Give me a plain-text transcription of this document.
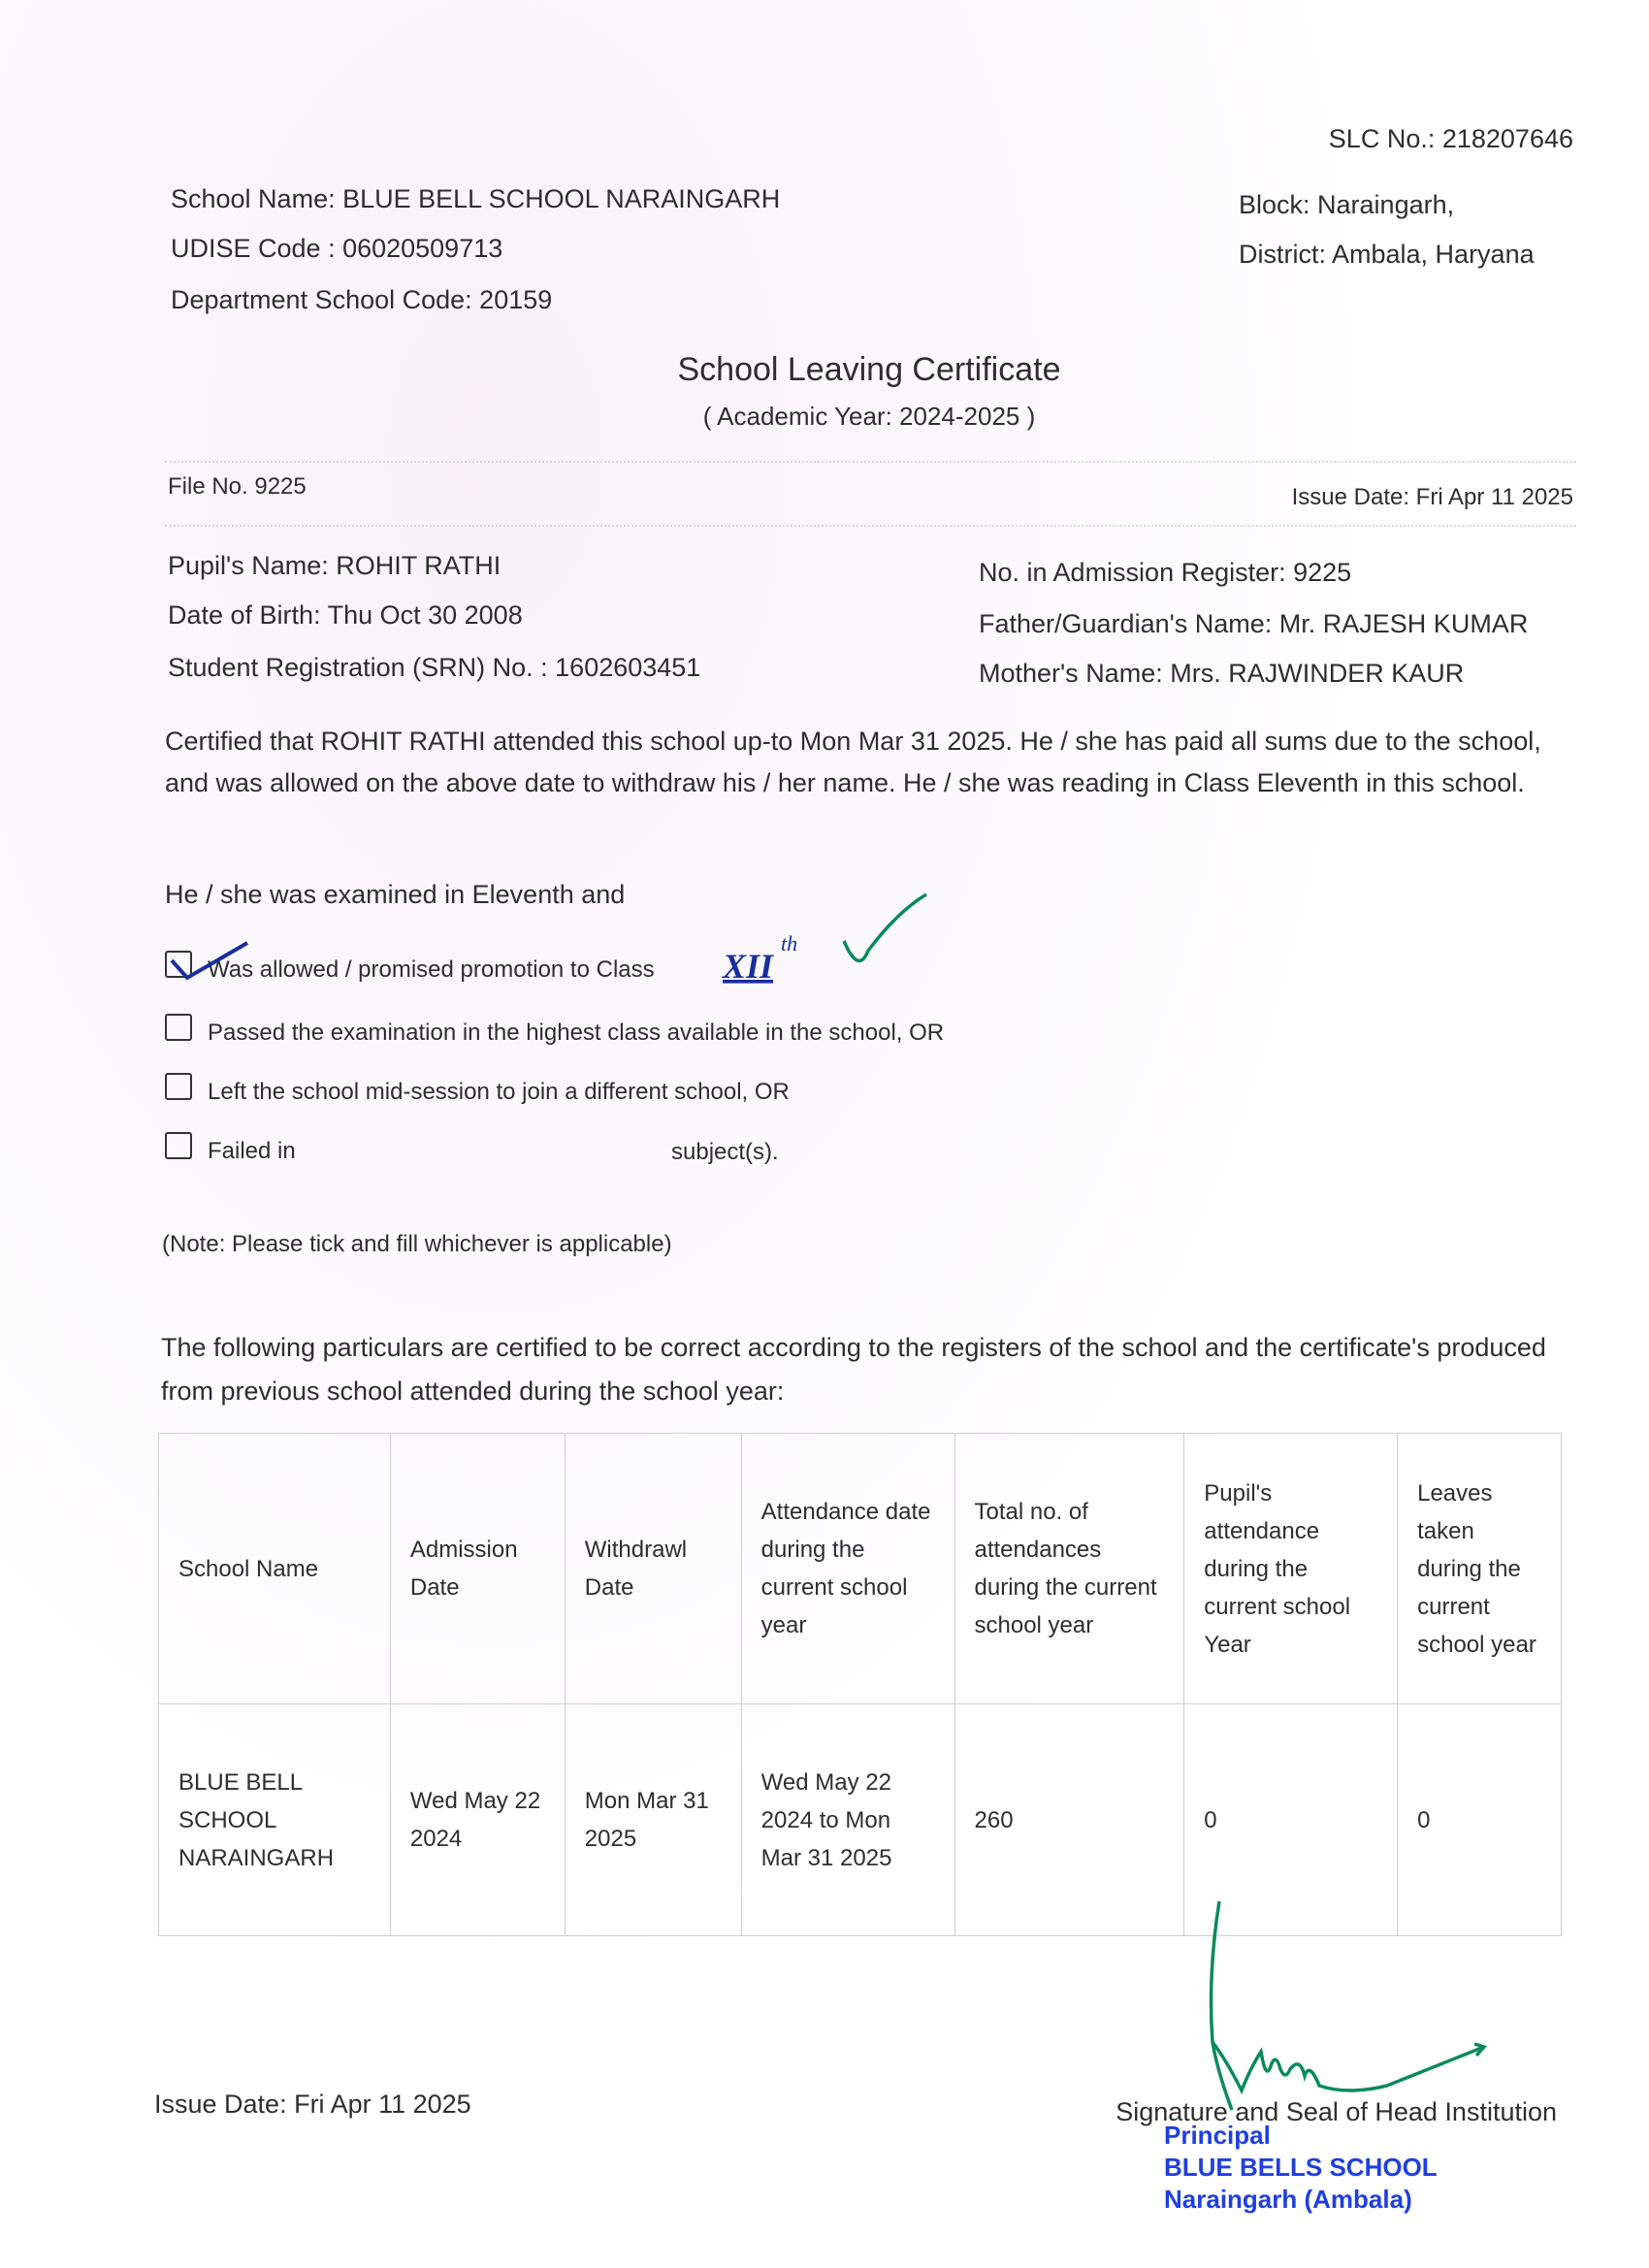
SLC No.: 218207646
School Name: BLUE BELL SCHOOL NARAINGARH
UDISE Code : 06020509713
Department School Code: 20159
Block: Naraingarh,
District: Ambala, Haryana
School Leaving Certificate
( Academic Year: 2024-2025 )
File No. 9225	Issue Date: Fri Apr 11 2025
Pupil's Name: ROHIT RATHI
Date of Birth: Thu Oct 30 2008
Student Registration (SRN) No. : 1602603451
No. in Admission Register: 9225
Father/Guardian's Name: Mr. RAJESH KUMAR
Mother's Name: Mrs. RAJWINDER KAUR
Certified that ROHIT RATHI attended this school up-to Mon Mar 31 2025. He / she has paid all sums due to the school, and was allowed on the above date to withdraw his / her name. He / she was reading in Class Eleventh in this school.
He / she was examined in Eleventh and
Was allowed / promised promotion to Class XII
th
Passed the examination in the highest class available in the school, OR
Left the school mid-session to join a different school, OR
Failed in	subject(s).
(Note: Please tick and fill whichever is applicable)
The following particulars are certified to be correct according to the registers of the school and the certificate's produced from previous school attended during the school year:
School Name	Admission Date	Withdrawl Date	Attendance date during the current school year	Total no. of attendances during the current school year	Pupil's attendance during the current school Year	Leaves taken during the current school year
BLUE BELL SCHOOL NARAINGARH	Wed May 22 2024	Mon Mar 31 2025	Wed May 22 2024 to Mon Mar 31 2025	260	0	0
Issue Date: Fri Apr 11 2025	Signature and Seal of Head Institution
Principal
BLUE BELLS SCHOOL
Naraingarh (Ambala)
